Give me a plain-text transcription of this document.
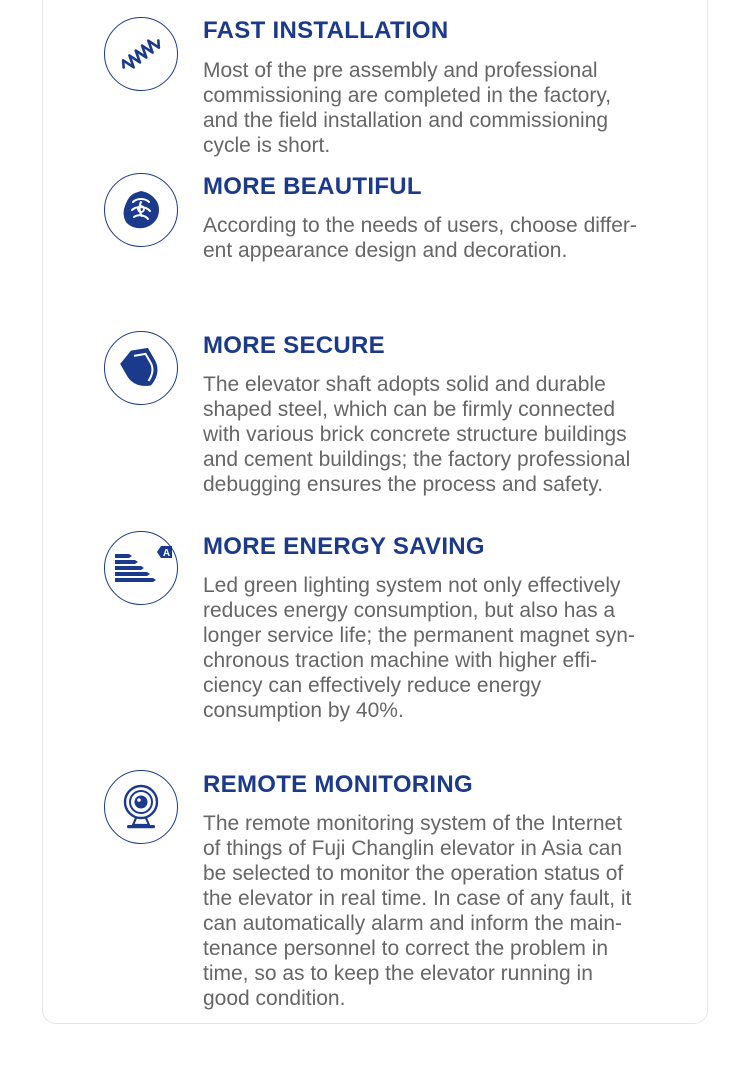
FAST INSTALLATION

Most of the pre assembly and professional
commissioning are completed in the factory,
and the field installation and commissioning
cycle is short.

MORE BEAUTIFUL

According to the needs of users, choose differ-
ent appearance design and decoration.

MORE SECURE

The elevator shaft adopts solid and durable
shaped steel, which can be firmly connected
with various brick concrete structure buildings
and cement buildings; the factory professional
debugging ensures the process and safety.

A MORE ENERGY SAVING

Led green lighting system not only effectively
reduces energy consumption, but also has a
longer service life; the permanent magnet syn-
chronous traction machine with higher effi-
ciency can effectively reduce energy
consumption by 40%.

REMOTE MONITORING

The remote monitoring system of the Internet
of things of Fuji Changlin elevator in Asia can
be selected to monitor the operation status of
the elevator in real time. In case of any fault, it
can automatically alarm and inform the main-
tenance personnel to correct the problem in
time, so as to keep the elevator running in
good condition.
